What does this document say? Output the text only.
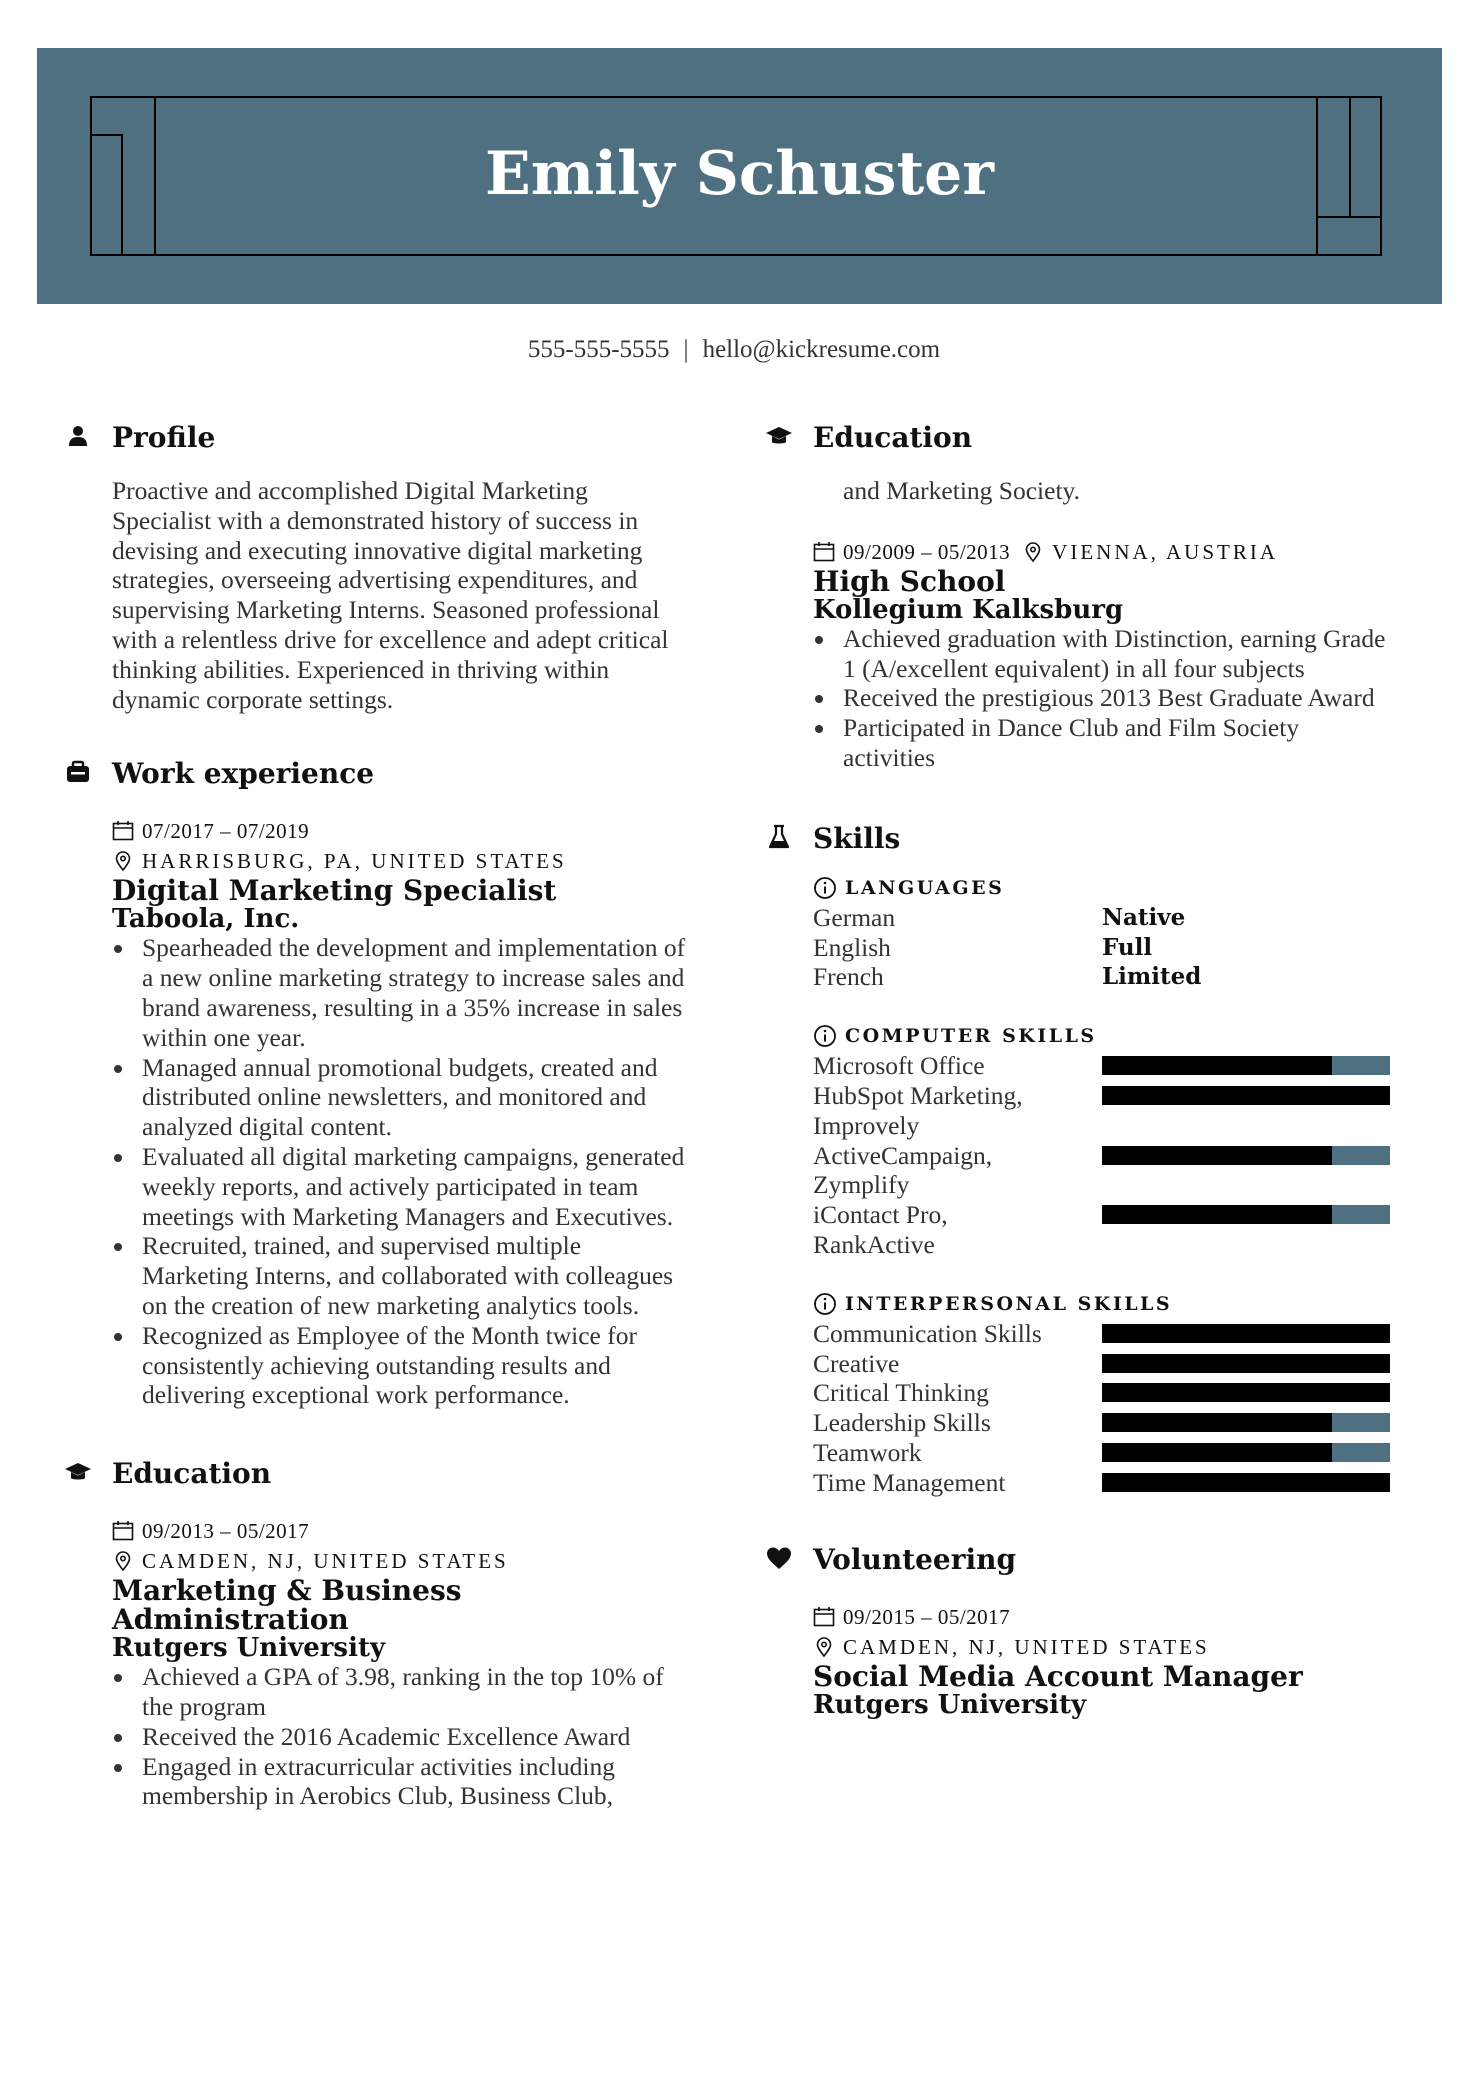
Emily Schuster
555-555-5555 | hello@kickresume.com
Profile
Proactive and accomplished Digital Marketing Specialist with a demonstrated history of success in devising and executing innovative digital marketing strategies, overseeing advertising expenditures, and supervising Marketing Interns. Seasoned professional with a relentless drive for excellence and adept critical thinking abilities. Experienced in thriving within dynamic corporate settings.
Work experience
07/2017 – 07/2019
HARRISBURG, PA, UNITED STATES
Digital Marketing Specialist
Taboola, Inc.
Spearheaded the development and implementation of a new online marketing strategy to increase sales and brand awareness, resulting in a 35% increase in sales within one year.
Managed annual promotional budgets, created and distributed online newsletters, and monitored and analyzed digital content.
Evaluated all digital marketing campaigns, generated weekly reports, and actively participated in team meetings with Marketing Managers and Executives.
Recruited, trained, and supervised multiple Marketing Interns, and collaborated with colleagues on the creation of new marketing analytics tools.
Recognized as Employee of the Month twice for consistently achieving outstanding results and delivering exceptional work performance.
Education
09/2013 – 05/2017
CAMDEN, NJ, UNITED STATES
Marketing & Business Administration
Rutgers University
Achieved a GPA of 3.98, ranking in the top 10% of the program
Received the 2016 Academic Excellence Award
Engaged in extracurricular activities including membership in Aerobics Club, Business Club,
Education
and Marketing Society.
09/2009 – 05/2013 VIENNA, AUSTRIA
High School
Kollegium Kalksburg
Achieved graduation with Distinction, earning Grade 1 (A/excellent equivalent) in all four subjects
Received the prestigious 2013 Best Graduate Award
Participated in Dance Club and Film Society activities
Skills
LANGUAGES
German	Native
English	Full
French	Limited
COMPUTER SKILLS
Microsoft Office
HubSpot Marketing, Improvely
ActiveCampaign, Zymplify
iContact Pro, RankActive
INTERPERSONAL SKILLS
Communication Skills
Creative
Critical Thinking
Leadership Skills
Teamwork
Time Management
Volunteering
09/2015 – 05/2017
CAMDEN, NJ, UNITED STATES
Social Media Account Manager
Rutgers University
